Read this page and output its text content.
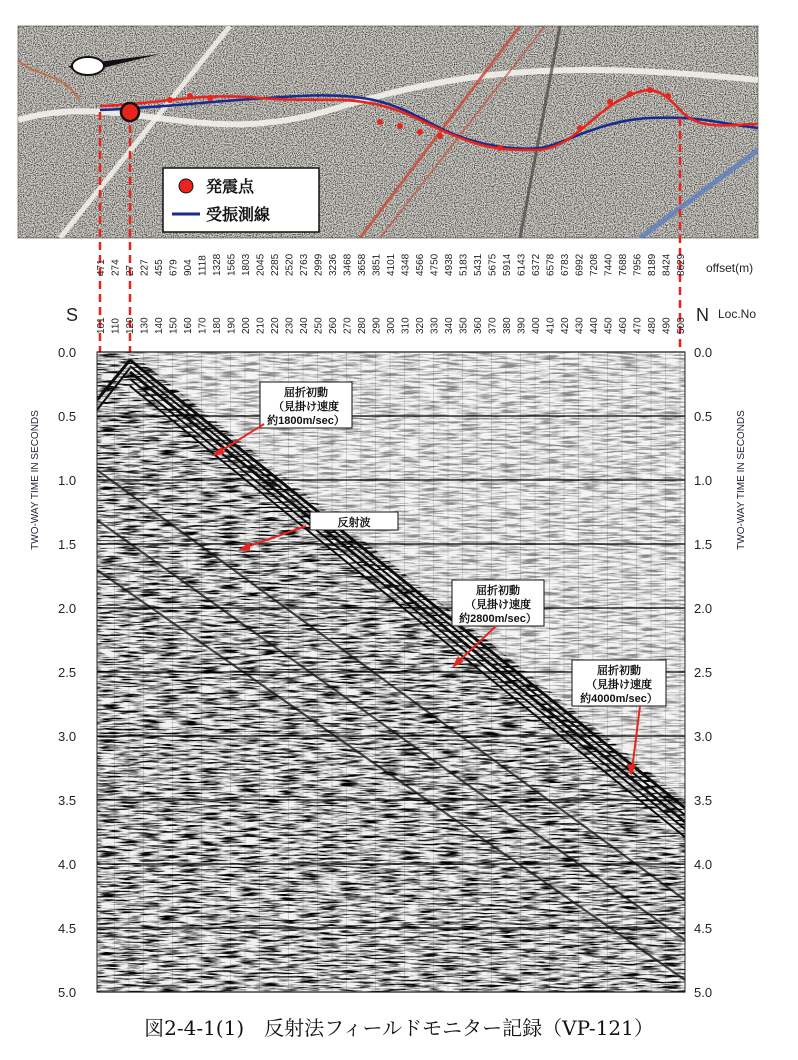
発震点
受振測線
471
101
274
110
27
120
227
130
455
140
679
150
904
160
1118
170
1328
180
1565
190
1803
200
2045
210
2285
220
2520
230
2763
240
2999
250
3236
260
3468
270
3658
280
3851
290
4101
300
4348
310
4566
320
4750
330
4938
340
5183
350
5431
360
5675
370
5914
380
6143
390
6372
400
6578
410
6783
420
6992
430
7208
440
7440
450
7688
460
7956
470
8189
480
8424
490
8629
500
offset(m)
Loc.No
S	N
0.0
0.5
1.0
1.5
2.0
2.5
3.0
3.5
4.0
4.5
5.0
0.0
0.5
1.0
1.5
2.0
2.5
3.0
3.5
4.0
4.5
5.0
TWO-WAY TIME IN SECONDS	TWO-WAY TIME IN SECONDS
屈折初動
（見掛け速度
約1800m/sec）
反射波
屈折初動
（見掛け速度
約2800m/sec）
屈折初動
（見掛け速度
約4000m/sec）
図2-4-1(1)　反射法フィールドモニター記録（VP-121）
